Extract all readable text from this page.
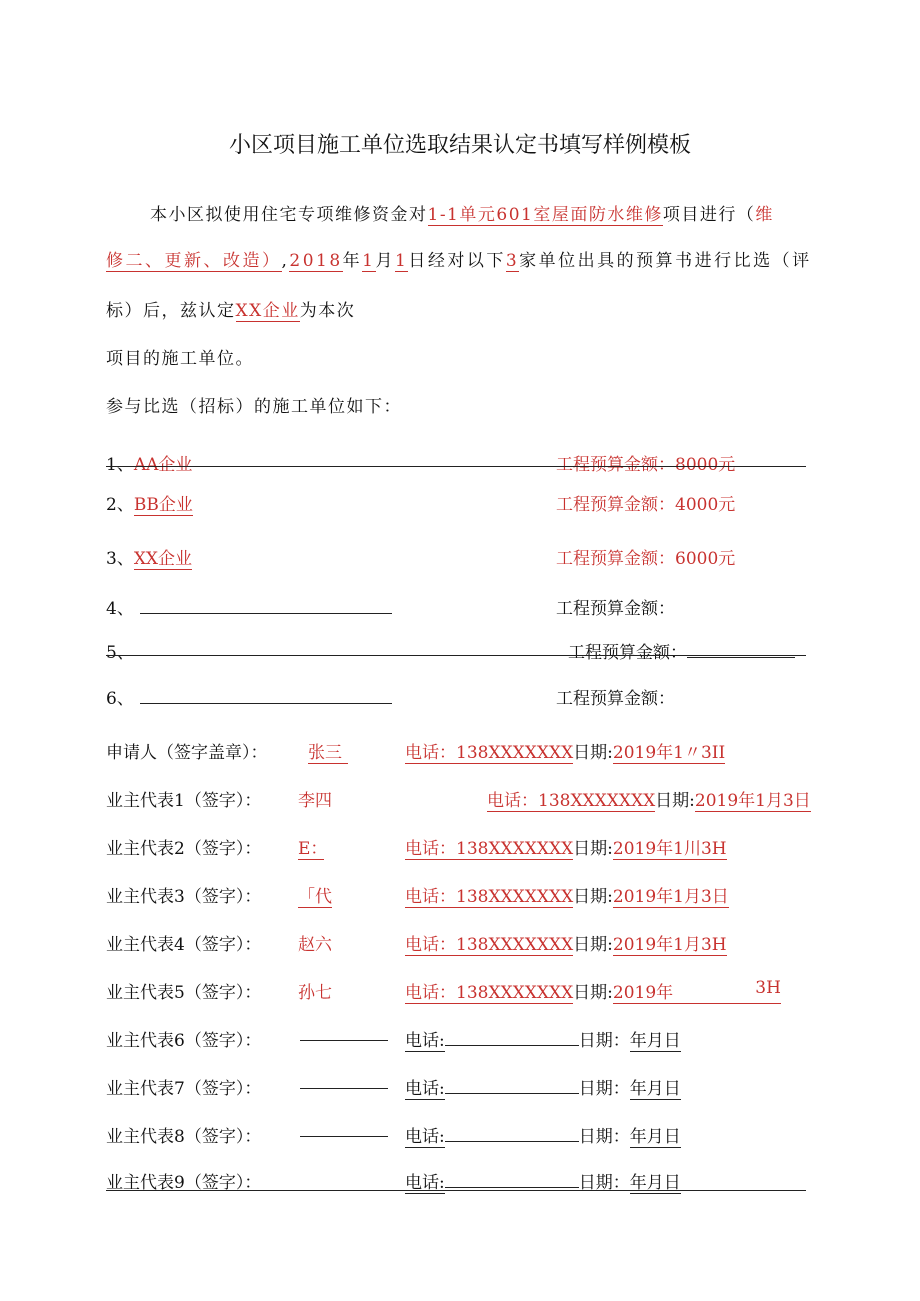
小区项目施工单位选取结果认定书填写样例模板
本小区拟使用住宅专项维修资金对1-1单元601室屋面防水维修项目进行（维
修二、更新、改造）,2018年1月1日经对以下3家单位出具的预算书进行比选（评
标）后，兹认定XX企业为本次
项目的施工单位。
参与比选（招标）的施工单位如下：
1、AA企业	工程预算金额：8000元
2、BB企业	工程预算金额：4000元
3、XX企业	工程预算金额：6000元
4、	工程预算金额：
5、	工程预算金额：
6、	工程预算金额：
申请人（签字盖章）： 张三	电话：138XXXXXXX日期:2019年1〃3II
业主代表1（签字）： 李四	电话：138XXXXXXX日期:2019年1月3日
业主代表2（签字）： E：	电话：138XXXXXXX日期:2019年1川3H
业主代表3（签字）： 「代	电话：138XXXXXXX日期:2019年1月3日
业主代表4（签字）： 赵六	电话：138XXXXXXX日期:2019年1月3H
业主代表5（签字）： 孙七	电话：138XXXXXXX日期:2019年	3H
业主代表6（签字）：	电话:	日期：年月日
业主代表7（签字）：	电话:	日期：年月日
业主代表8（签字）：	电话:	日期：年月日
业主代表9（签字）：	电话:	日期：年月日
